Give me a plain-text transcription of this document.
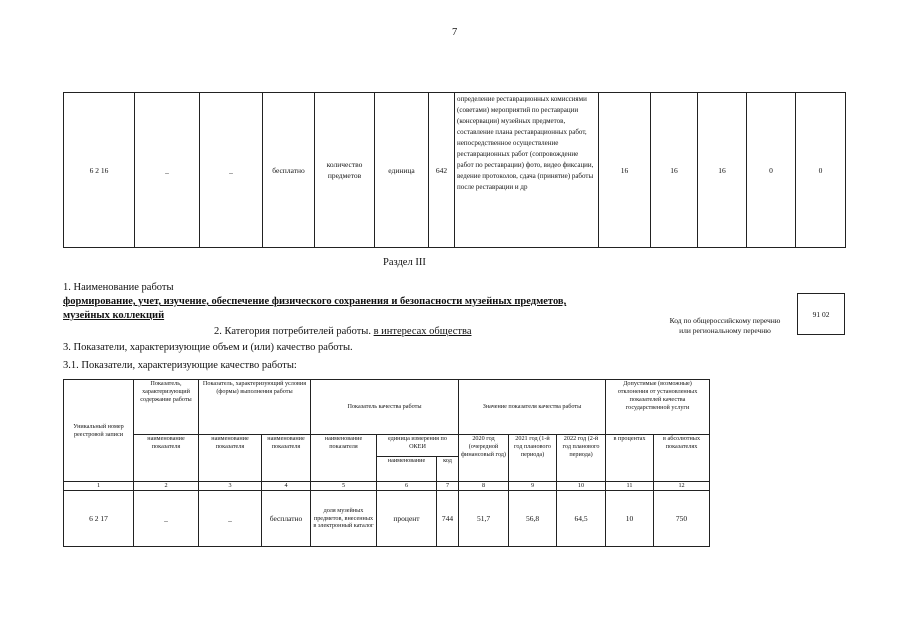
7
6 2 16	_	_	бесплатно	количество предметов	единица	642	определение реставрационных комиссиями (советами) мероприятий по реставрации (консервации) музейных предметов, составление плана реставрационных работ, непосредственное осуществление реставрационных работ (сопровождение работ по реставрации) фото, видео фиксации, ведение протоколов, сдача (принятие) работы после реставрации и др	16	16	16	0	0
Раздел III
1. Наименование работы
формирование, учет, изучение, обеспечение физического сохранения и безопасности музейных предметов,
музейных коллекций
2. Категория потребителей работы. в интересах общества
Код по общероссийскому перечню
или региональному перечню
91 02
3. Показатели, характеризующие объем и (или) качество работы.
3.1. Показатели, характеризующие качество работы:
Уникальный номер реестровой записи	Показатель, характеризующий содержание работы	Показатель, характеризующий условия (формы) выполнения работы		Показатель качества работы			Значение показателя качества работы			Допустимые (возможные) отклонения от установленных показателей качества государственной услуги	
	наименование показателя	наименование показателя	наименование показателя	наименование показателя	единица измерения по ОКЕИ		2020 год (очередной финансовый год)	2021 год (1-й год планового периода)	2022 год (2-й год планового периода)	в процентах	в абсолютных показателях
					наименование	код					
1	2	3	4	5	6	7	8	9	10	11	12
6 2 17	_	_	бесплатно	доля музейных предметов, внесенных в электронный каталог	процент	744	51,7	56,8	64,5	10	750
